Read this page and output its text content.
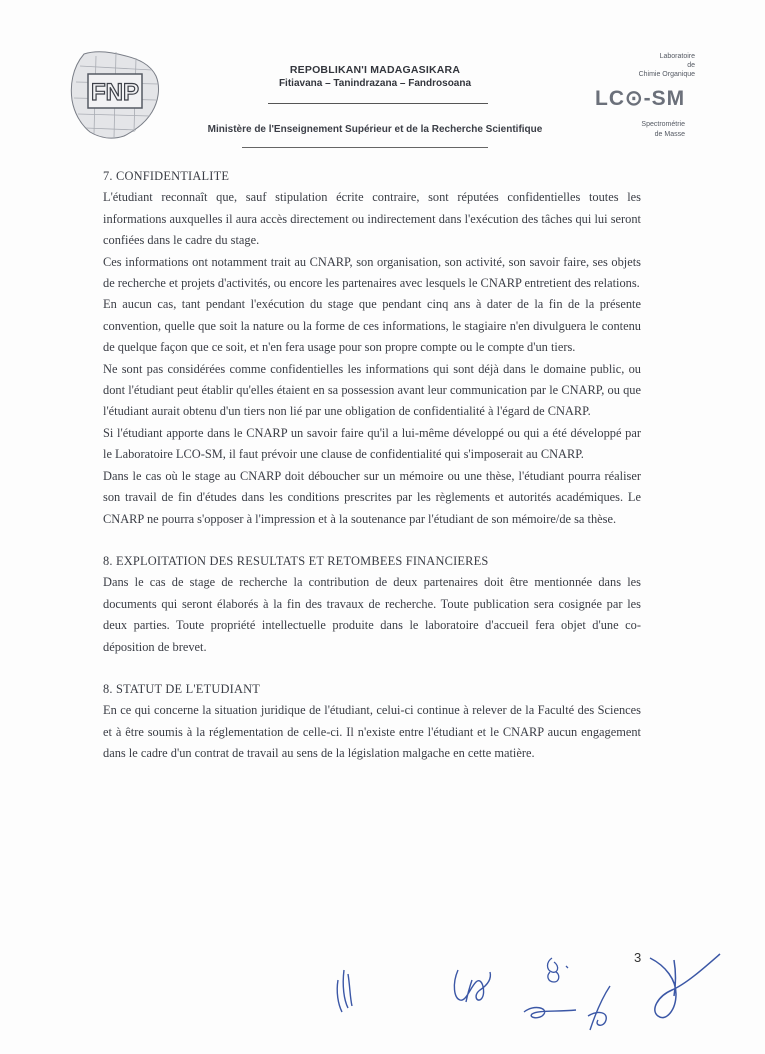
FNP
REPOBLIKAN'I MADAGASIKARA
Fitiavana – Tanindrazana – Fandrosoana
Ministère de l'Enseignement Supérieur et de la Recherche Scientifique
Laboratoire
de
Chimie Organique
LC⊙-SM
Spectrométrie
de Masse
7. CONFIDENTIALITE

L'étudiant reconnaît que, sauf stipulation écrite contraire, sont réputées confidentielles toutes les informations auxquelles il aura accès directement ou indirectement dans l'exécution des tâches qui lui seront confiées dans le cadre du stage.

Ces informations ont notamment trait au CNARP, son organisation, son activité, son savoir faire, ses objets de recherche et projets d'activités, ou encore les partenaires avec lesquels le CNARP entretient des relations.

En aucun cas, tant pendant l'exécution du stage que pendant cinq ans à dater de la fin de la présente convention, quelle que soit la nature ou la forme de ces informations, le stagiaire n'en divulguera le contenu de quelque façon que ce soit, et n'en fera usage pour son propre compte ou le compte d'un tiers.

Ne sont pas considérées comme confidentielles les informations qui sont déjà dans le domaine public, ou dont l'étudiant peut établir qu'elles étaient en sa possession avant leur communication par le CNARP, ou que l'étudiant aurait obtenu d'un tiers non lié par une obligation de confidentialité à l'égard de CNARP.

Si l'étudiant apporte dans le CNARP un savoir faire qu'il a lui-même développé ou qui a été développé par le Laboratoire LCO-SM, il faut prévoir une clause de confidentialité qui s'imposerait au CNARP.

Dans le cas où le stage au CNARP doit déboucher sur un mémoire ou une thèse, l'étudiant pourra réaliser son travail de fin d'études dans les conditions prescrites par les règlements et autorités académiques. Le CNARP ne pourra s'opposer à l'impression et à la soutenance par l'étudiant de son mémoire/de sa thèse.

8. EXPLOITATION DES RESULTATS ET RETOMBEES FINANCIERES

Dans le cas de stage de recherche la contribution de deux partenaires doit être mentionnée dans les documents qui seront élaborés à la fin des travaux de recherche. Toute publication sera cosignée par les deux parties. Toute propriété intellectuelle produite dans le laboratoire d'accueil fera objet d'une co-déposition de brevet.

8. STATUT DE L'ETUDIANT

En ce qui concerne la situation juridique de l'étudiant, celui-ci continue à relever de la Faculté des Sciences et à être soumis à la réglementation de celle-ci. Il n'existe entre l'étudiant et le CNARP aucun engagement dans le cadre d'un contrat de travail au sens de la législation malgache en cette matière.

3
